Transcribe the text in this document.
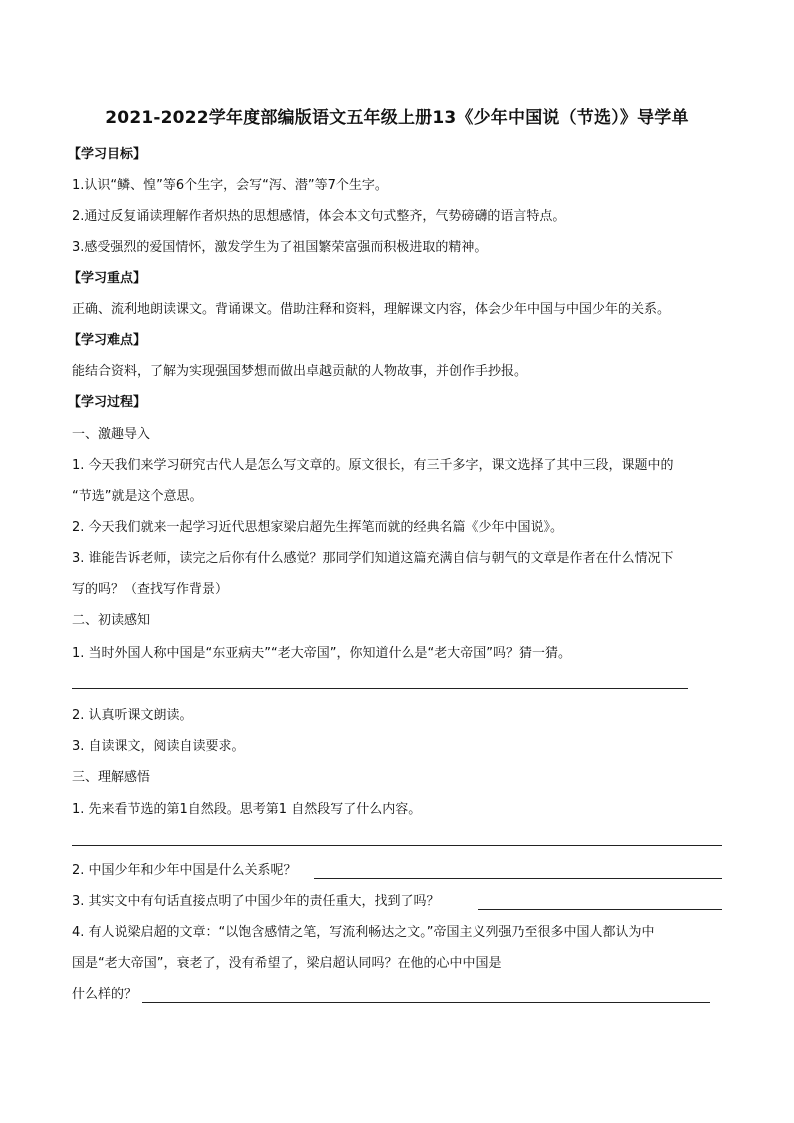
2021-2022学年度部编版语文五年级上册13《少年中国说（节选）》导学单
【学习目标】
1.认识“鳞、惶”等6个生字，会写“泻、潜”等7个生字。
2.通过反复诵读理解作者炽热的思想感情，体会本文句式整齐，气势磅礴的语言特点。
3.感受强烈的爱国情怀，激发学生为了祖国繁荣富强而积极进取的精神。
【学习重点】
正确、流利地朗读课文。背诵课文。借助注释和资料，理解课文内容，体会少年中国与中国少年的关系。
【学习难点】
能结合资料，了解为实现强国梦想而做出卓越贡献的人物故事，并创作手抄报。
【学习过程】
一、激趣导入
1. 今天我们来学习研究古代人是怎么写文章的。原文很长，有三千多字，课文选择了其中三段，课题中的
“节选”就是这个意思。
2. 今天我们就来一起学习近代思想家梁启超先生挥笔而就的经典名篇《少年中国说》。
3. 谁能告诉老师，读完之后你有什么感觉？那同学们知道这篇充满自信与朝气的文章是作者在什么情况下
写的吗？（查找写作背景）
二、初读感知
1. 当时外国人称中国是“东亚病夫”“老大帝国”，你知道什么是“老大帝国”吗？猜一猜。
2. 认真听课文朗读。
3. 自读课文，阅读自读要求。
三、理解感悟
1. 先来看节选的第1自然段。思考第1 自然段写了什么内容。
2. 中国少年和少年中国是什么关系呢？
3. 其实文中有句话直接点明了中国少年的责任重大，找到了吗？
4. 有人说梁启超的文章：“以饱含感情之笔，写流利畅达之文。”帝国主义列强乃至很多中国人都认为中
国是“老大帝国”，衰老了，没有希望了，梁启超认同吗？在他的心中中国是
什么样的？
